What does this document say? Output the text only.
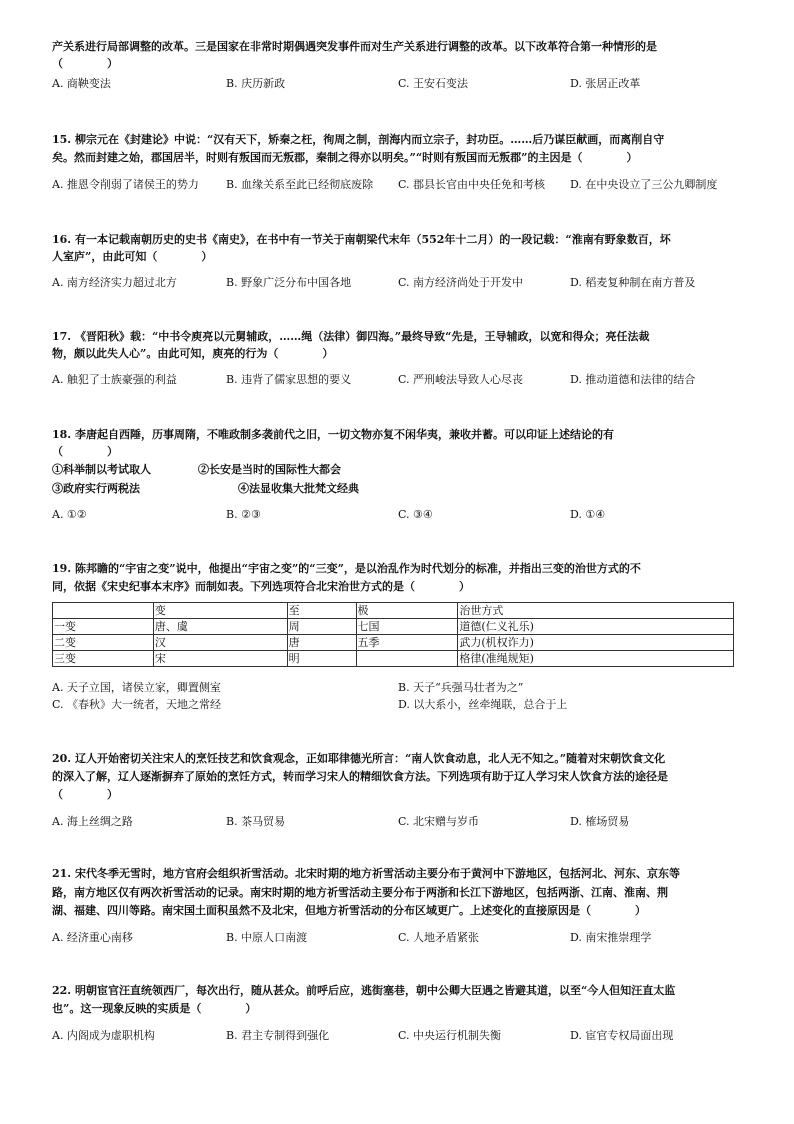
产关系进行局部调整的改革。三是国家在非常时期偶遇突发事件而对生产关系进行调整的改革。以下改革符合第一种情形的是
（　　　　）
A. 商鞅变法	B. 庆历新政	C. 王安石变法	D. 张居正改革
15. 柳宗元在《封建论》中说：“汉有天下，矫秦之枉，徇周之制，剖海内而立宗子，封功臣。……后乃谋臣献画，而离削自守
矣。然而封建之始，郡国居半，时则有叛国而无叛郡，秦制之得亦以明矣。”“时则有叛国而无叛郡”的主因是（　　　　）
A. 推恩令削弱了诸侯王的势力 B. 血缘关系至此已经彻底废除 C. 郡县长官由中央任免和考核 D. 在中央设立了三公九卿制度
16. 有一本记载南朝历史的史书《南史》，在书中有一节关于南朝梁代末年（552年十二月）的一段记载：“淮南有野象数百，坏
人室庐”，由此可知（　　　　）
A. 南方经济实力超过北方	B. 野象广泛分布中国各地	C. 南方经济尚处于开发中	D. 稻麦复种制在南方普及
17. 《晋阳秋》载：“中书令庾亮以元舅辅政，……绳（法律）御四海。”最终导致“先是，王导辅政，以宽和得众；亮任法裁
物，颇以此失人心”。由此可知，庾亮的行为（　　　　）
A. 触犯了士族豪强的利益	B. 违背了儒家思想的要义	C. 严刑峻法导致人心尽丧	D. 推动道德和法律的结合
18. 李唐起自西陲，历事周隋，不唯政制多袭前代之旧，一切文物亦复不闲华夷，兼收并蓄。可以印证上述结论的有
（　　　　）
①科举制以考试取人	②长安是当时的国际性大都会
③政府实行两税法	④法显收集大批梵文经典
A. ①②	B. ②③	C. ③④	D. ①④
19. 陈邦瞻的“宇宙之变”说中，他提出“宇宙之变”的“三变”，是以治乱作为时代划分的标准，并指出三变的治世方式的不
同，依据《宋史纪事本末序》而制如表。下列选项符合北宋治世方式的是（　　　　）
	变	至	极	治世方式
一变	唐、虞	周	七国	道德(仁义礼乐)
二变	汉	唐	五季	武力(机权诈力)
三变	宋	明		格律(准绳规矩)
A. 天子立国，诸侯立家，卿置侧室	B. 天子“兵强马壮者为之”
C. 《春秋》大一统者，天地之常经	D. 以大系小，丝牵绳联，总合于上
20. 辽人开始密切关注宋人的烹饪技艺和饮食观念，正如耶律德光所言：“南人饮食动息，北人无不知之。”随着对宋朝饮食文化
的深入了解，辽人逐渐摒弃了原始的烹饪方式，转而学习宋人的精细饮食方法。下列选项有助于辽人学习宋人饮食方法的途径是
（　　　　）
A. 海上丝绸之路	B. 茶马贸易	C. 北宋赠与岁币	D. 榷场贸易
21. 宋代冬季无雪时，地方官府会组织祈雪活动。北宋时期的地方祈雪活动主要分布于黄河中下游地区，包括河北、河东、京东等
路，南方地区仅有两次祈雪活动的记录。南宋时期的地方祈雪活动主要分布于两浙和长江下游地区，包括两浙、江南、淮南、荆
湖、福建、四川等路。南宋国土面积虽然不及北宋，但地方祈雪活动的分布区域更广。上述变化的直接原因是（　　　　）
A. 经济重心南移	B. 中原人口南渡	C. 人地矛盾紧张	D. 南宋推崇理学
22. 明朝宦官汪直统领西厂，每次出行，随从甚众。前呼后应，逃街塞巷，朝中公卿大臣遇之皆避其道，以至“今人但知汪直太监
也”。这一现象反映的实质是（　　　　）
A. 内阁成为虚职机构	B. 君主专制得到强化	C. 中央运行机制失衡	D. 宦官专权局面出现
